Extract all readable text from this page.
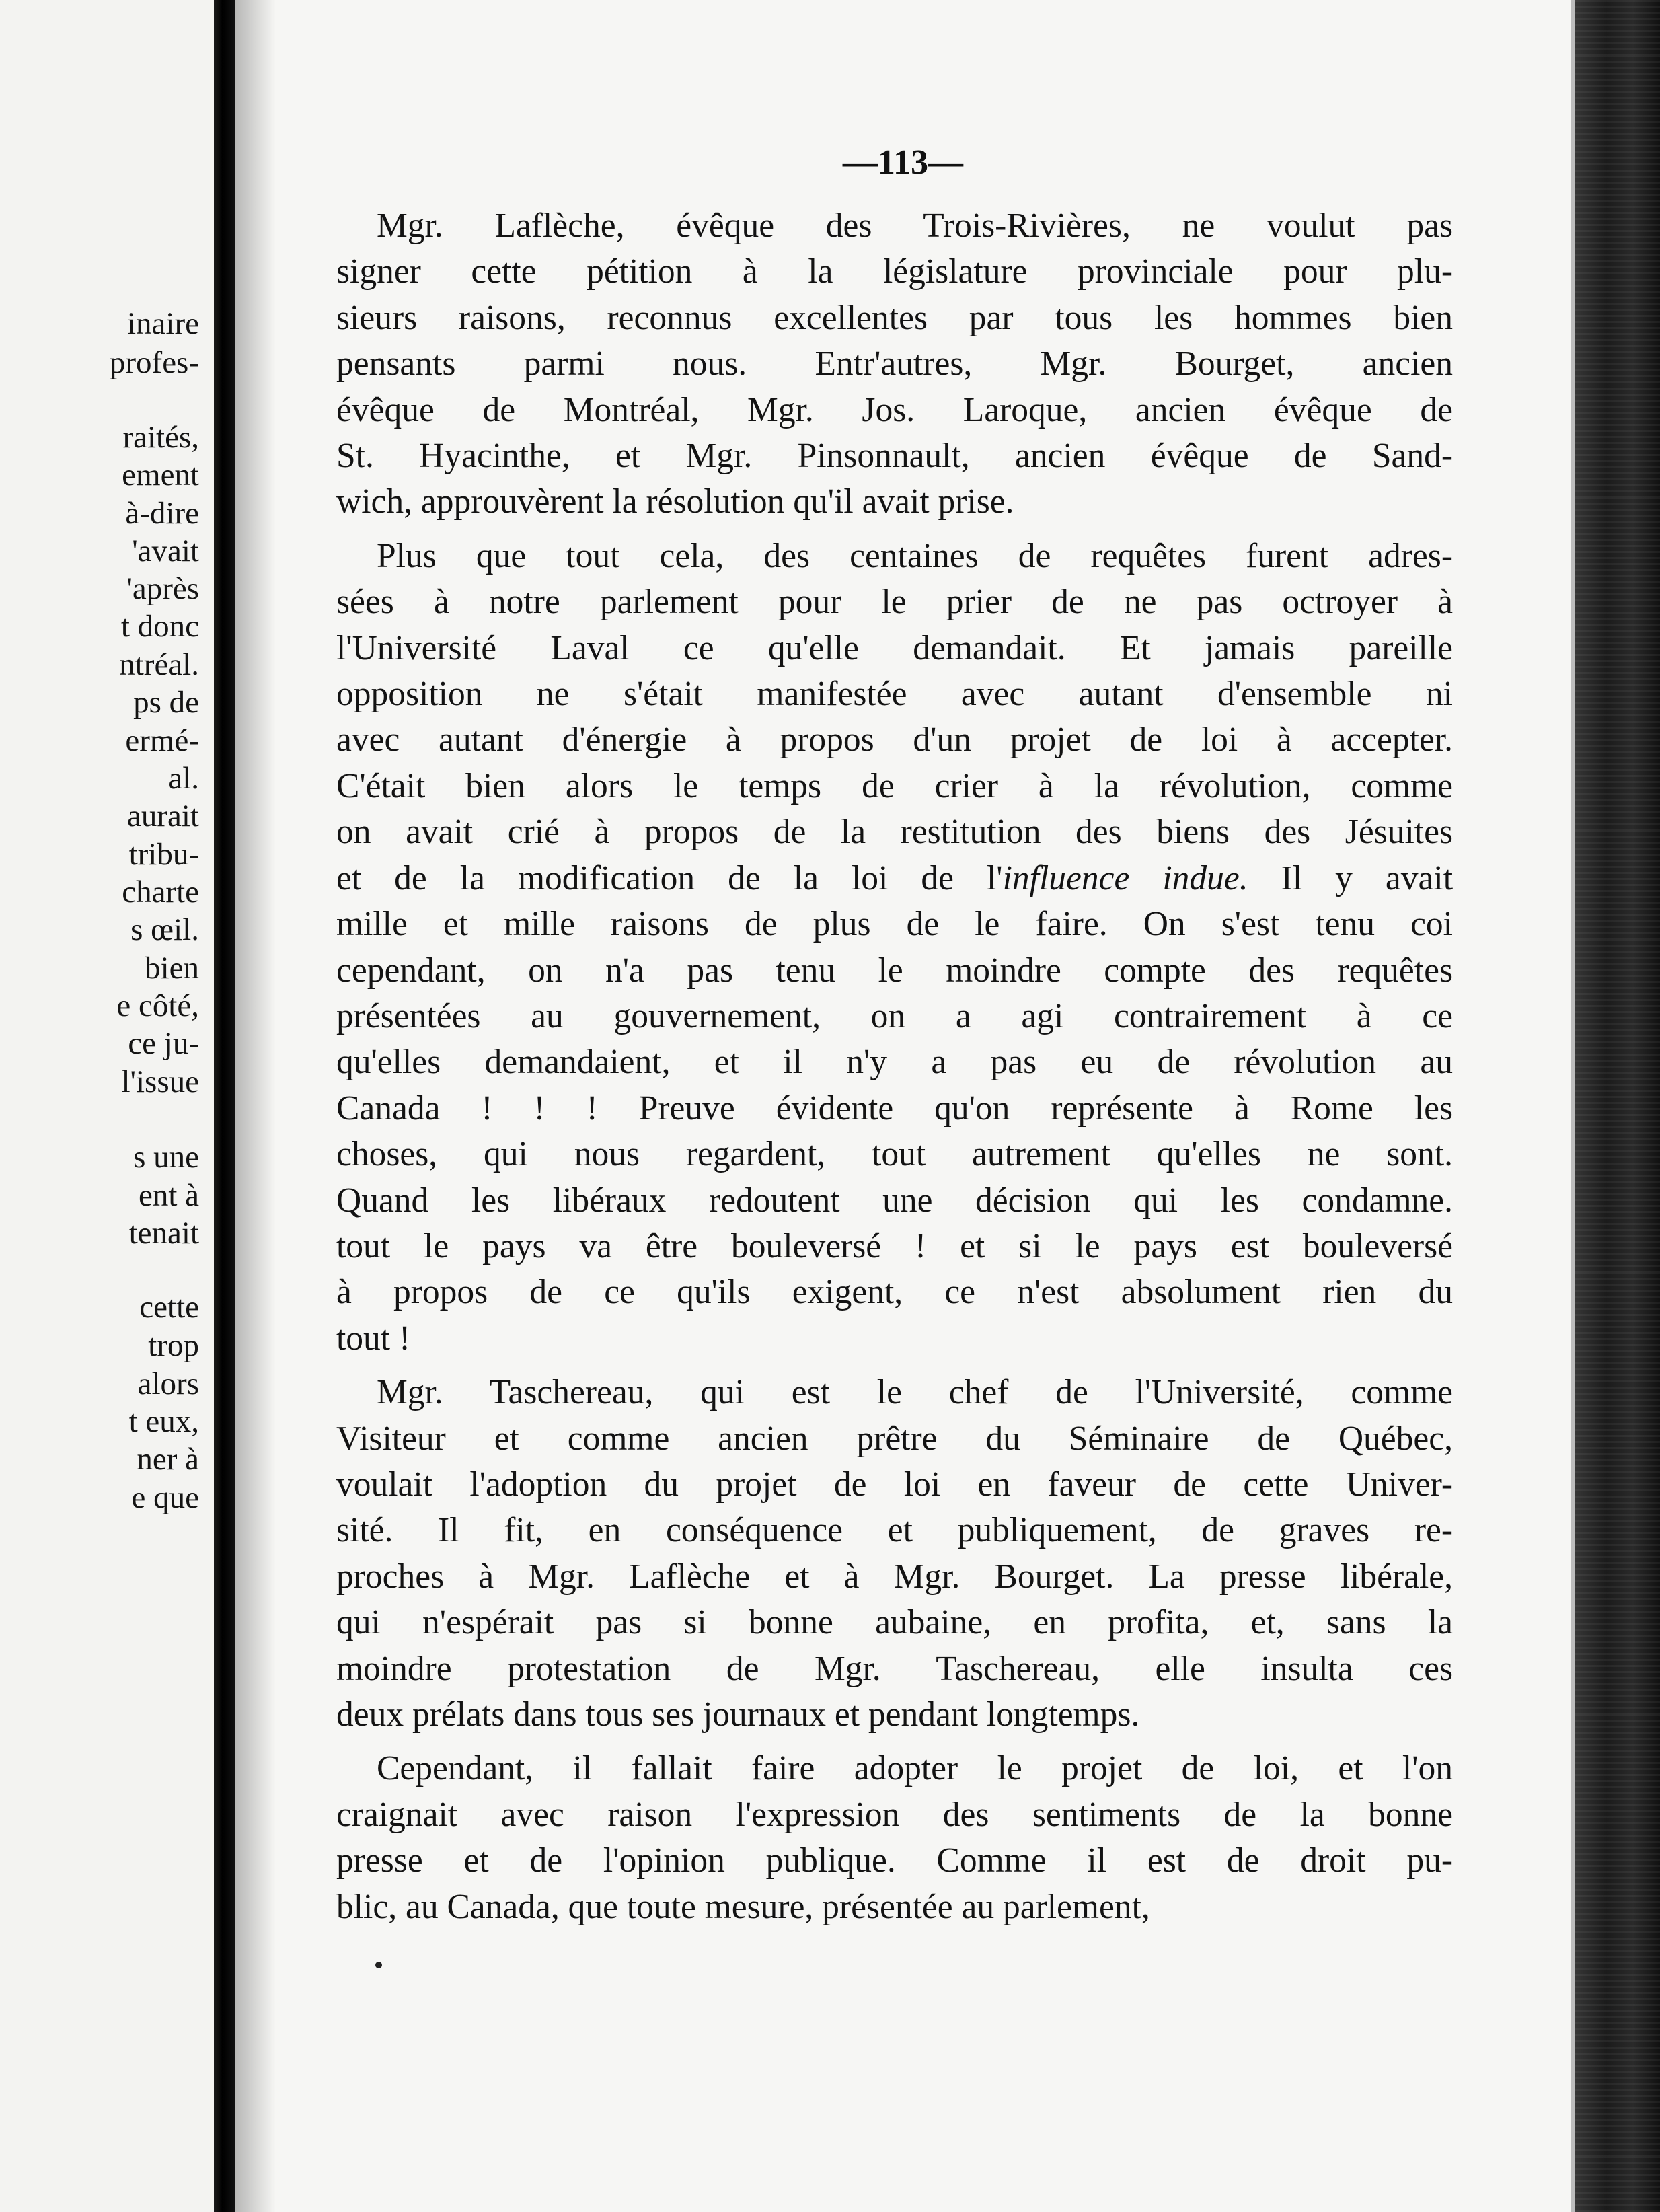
inaire
profes-
raités,
ement
à-dire
'avait
'après
t donc
ntréal.
ps de
ermé-
al.
aurait
tribu-
charte
s œil.
bien
e côté,
ce ju-
l'issue
s une
ent à
tenait
cette
trop
alors
t eux,
ner à
e que
—113—
Mgr. Laflèche, évêque des Trois-Rivières, ne voulut pas
signer cette pétition à la législature provinciale pour plu-
sieurs raisons, reconnus excellentes par tous les hommes bien
pensants parmi nous. Entr'autres, Mgr. Bourget, ancien
évêque de Montréal, Mgr. Jos. Laroque, ancien évêque de
St. Hyacinthe, et Mgr. Pinsonnault, ancien évêque de Sand-
wich, approuvèrent la résolution qu'il avait prise.
Plus que tout cela, des centaines de requêtes furent adres-
sées à notre parlement pour le prier de ne pas octroyer à
l'Université Laval ce qu'elle demandait. Et jamais pareille
opposition ne s'était manifestée avec autant d'ensemble ni
avec autant d'énergie à propos d'un projet de loi à accepter.
C'était bien alors le temps de crier à la révolution, comme
on avait crié à propos de la restitution des biens des Jésuites
et de la modification de la loi de l'influence indue. Il y avait
mille et mille raisons de plus de le faire. On s'est tenu coi
cependant, on n'a pas tenu le moindre compte des requêtes
présentées au gouvernement, on a agi contrairement à ce
qu'elles demandaient, et il n'y a pas eu de révolution au
Canada ! ! ! Preuve évidente qu'on représente à Rome les
choses, qui nous regardent, tout autrement qu'elles ne sont.
Quand les libéraux redoutent une décision qui les condamne.
tout le pays va être bouleversé ! et si le pays est bouleversé
à propos de ce qu'ils exigent, ce n'est absolument rien du
tout !
Mgr. Taschereau, qui est le chef de l'Université, comme
Visiteur et comme ancien prêtre du Séminaire de Québec,
voulait l'adoption du projet de loi en faveur de cette Univer-
sité. Il fit, en conséquence et publiquement, de graves re-
proches à Mgr. Laflèche et à Mgr. Bourget. La presse libérale,
qui n'espérait pas si bonne aubaine, en profita, et, sans la
moindre protestation de Mgr. Taschereau, elle insulta ces
deux prélats dans tous ses journaux et pendant longtemps.
Cependant, il fallait faire adopter le projet de loi, et l'on
craignait avec raison l'expression des sentiments de la bonne
presse et de l'opinion publique. Comme il est de droit pu-
blic, au Canada, que toute mesure, présentée au parlement,
